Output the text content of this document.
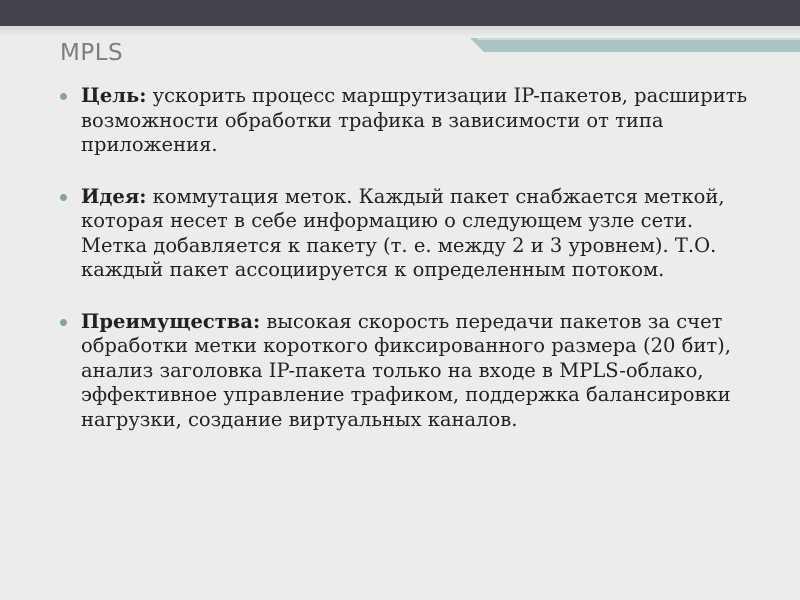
MPLS
Цель: ускорить процесс маршрутизации IP-пакетов, расширить возможности обработки трафика в зависимости от типа приложения.
Идея: коммутация меток. Каждый пакет снабжается меткой, которая несет в себе информацию о следующем узле сети. Метка добавляется к пакету (т. е. между 2 и 3 уровнем). Т.О. каждый пакет ассоциируется к определенным потоком.
Преимущества: высокая скорость передачи пакетов за счет обработки метки короткого фиксированного размера (20 бит), анализ заголовка IP-пакета только на входе в MPLS-облако, эффективное управление трафиком, поддержка балансировки нагрузки, создание виртуальных каналов.
